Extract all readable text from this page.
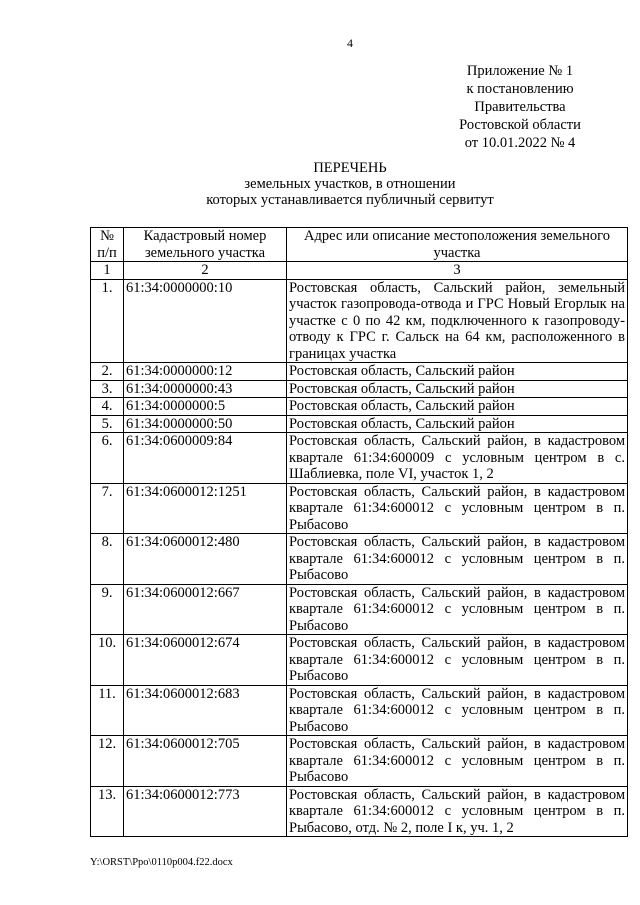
4
Приложение № 1
к постановлению
Правительства
Ростовской области
от 10.01.2022 № 4
ПЕРЕЧЕНЬ
земельных участков, в отношении
которых устанавливается публичный сервитут
№ п/п	Кадастровый номер земельного участка	Адрес или описание местоположения земельного участка
1	2	3
1.	61:34:0000000:10	Ростовская область, Сальский район, земельный участок газопровода-отвода и ГРС Новый Егорлык на участке с 0 по 42 км, подключенного к газопроводу-отводу к ГРС г. Сальск на 64 км, расположенного в границах участка
2.	61:34:0000000:12	Ростовская область, Сальский район
3.	61:34:0000000:43	Ростовская область, Сальский район
4.	61:34:0000000:5	Ростовская область, Сальский район
5.	61:34:0000000:50	Ростовская область, Сальский район
6.	61:34:0600009:84	Ростовская область, Сальский район, в кадастровом квартале 61:34:600009 с условным центром в с. Шаблиевка, поле VI, участок 1, 2
7.	61:34:0600012:1251	Ростовская область, Сальский район, в кадастровом квартале 61:34:600012 с условным центром в п. Рыбасово
8.	61:34:0600012:480	Ростовская область, Сальский район, в кадастровом квартале 61:34:600012 с условным центром в п. Рыбасово
9.	61:34:0600012:667	Ростовская область, Сальский район, в кадастровом квартале 61:34:600012 с условным центром в п. Рыбасово
10.	61:34:0600012:674	Ростовская область, Сальский район, в кадастровом квартале 61:34:600012 с условным центром в п. Рыбасово
11.	61:34:0600012:683	Ростовская область, Сальский район, в кадастровом квартале 61:34:600012 с условным центром в п. Рыбасово
12.	61:34:0600012:705	Ростовская область, Сальский район, в кадастровом квартале 61:34:600012 с условным центром в п. Рыбасово
13.	61:34:0600012:773	Ростовская область, Сальский район, в кадастровом квартале 61:34:600012 с условным центром в п. Рыбасово, отд. № 2, поле I к, уч. 1, 2
Y:\ORST\Ppo\0110p004.f22.docx
